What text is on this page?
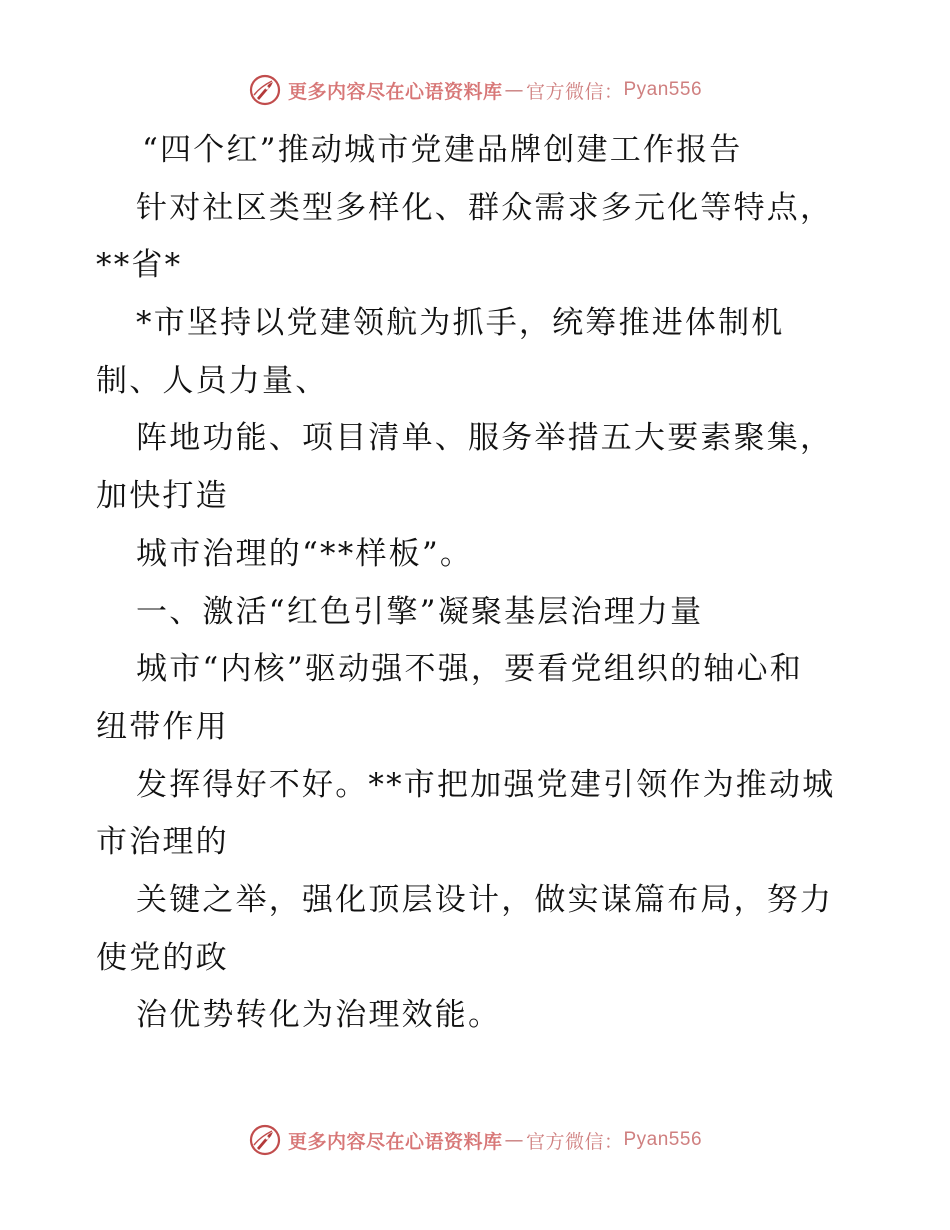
更多内容尽在心语资料库 — 官方微信： Pyan556
“四个红”推动城市党建品牌创建工作报告
针对社区类型多样化、群众需求多元化等特点，
**省*
*市坚持以党建领航为抓手，统筹推进体制机
制、人员力量、
阵地功能、项目清单、服务举措五大要素聚集，
加快打造
城市治理的“**样板”。
一、激活“红色引擎”凝聚基层治理力量
城市“内核”驱动强不强，要看党组织的轴心和
纽带作用
发挥得好不好。**市把加强党建引领作为推动城
市治理的
关键之举，强化顶层设计，做实谋篇布局，努力
使党的政
治优势转化为治理效能。
更多内容尽在心语资料库 — 官方微信： Pyan556
